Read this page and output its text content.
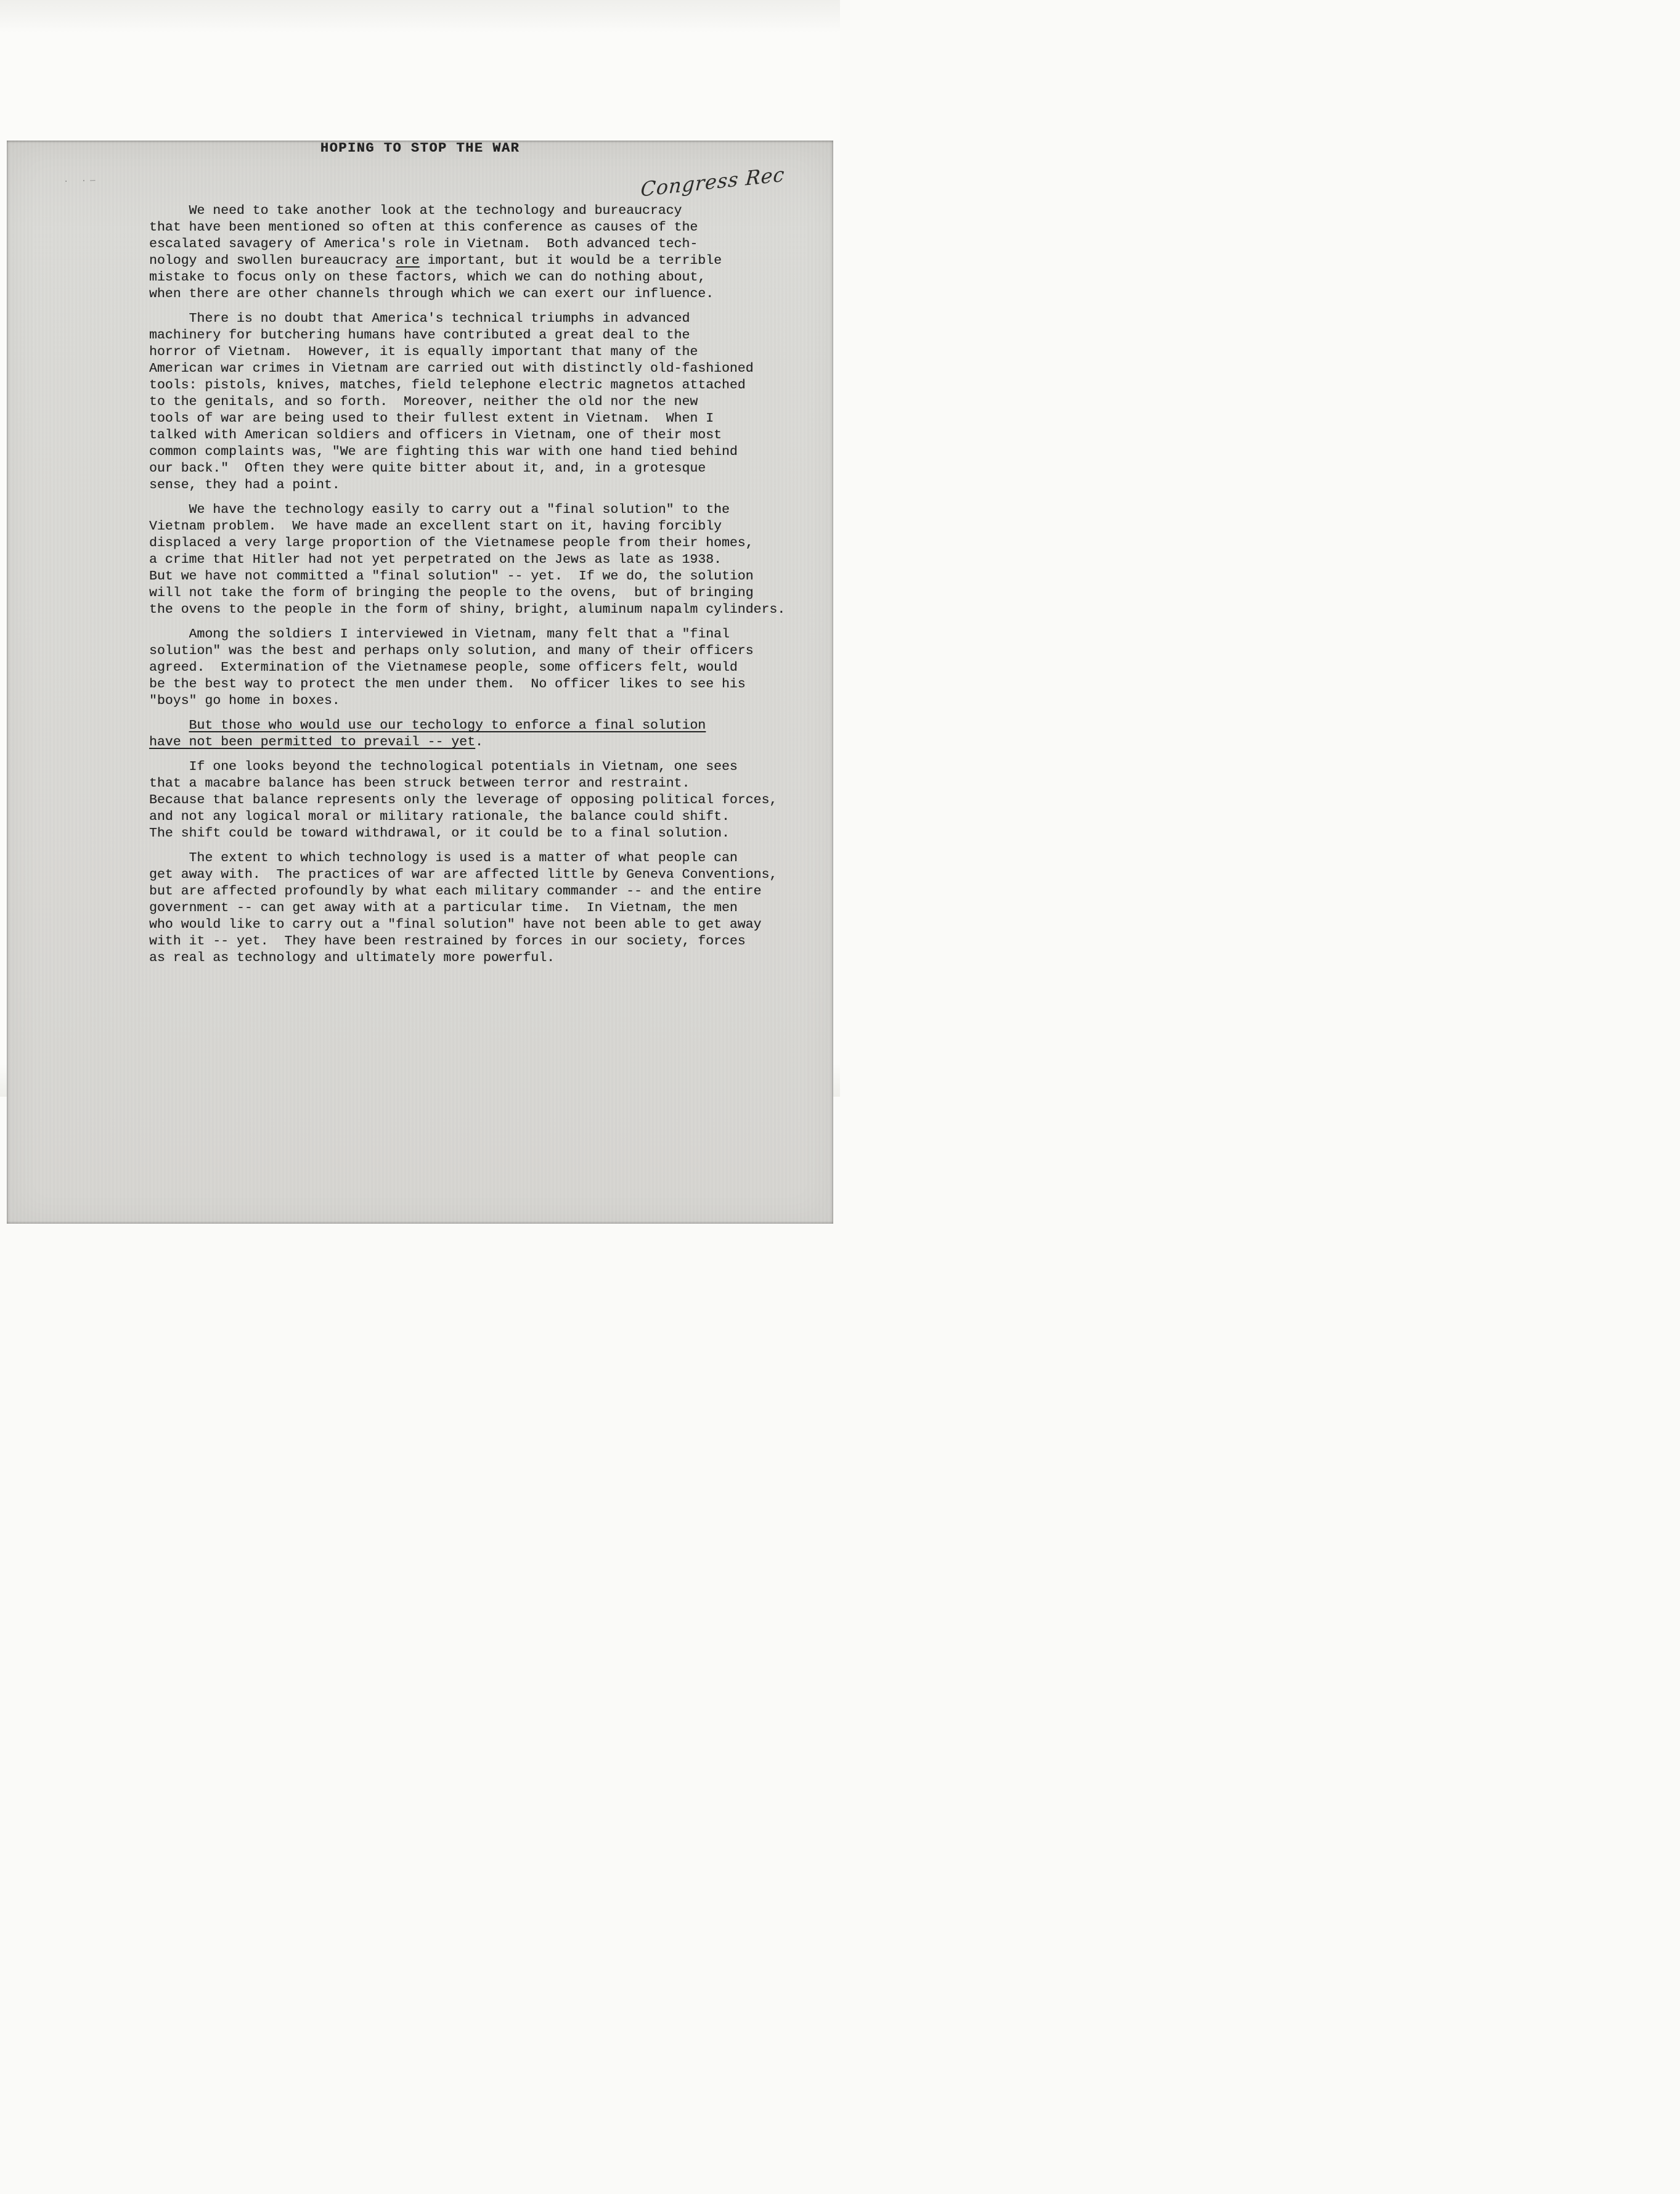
· ·—	Congress Rec
HOPING TO STOP THE WAR
We need to take another look at the technology and bureaucracy
that have been mentioned so often at this conference as causes of the
escalated savagery of America's role in Vietnam.  Both advanced tech-
nology and swollen bureaucracy are important, but it would be a terrible
mistake to focus only on these factors, which we can do nothing about,
when there are other channels through which we can exert our influence.
There is no doubt that America's technical triumphs in advanced
machinery for butchering humans have contributed a great deal to the
horror of Vietnam.  However, it is equally important that many of the
American war crimes in Vietnam are carried out with distinctly old-fashioned
tools: pistols, knives, matches, field telephone electric magnetos attached
to the genitals, and so forth.  Moreover, neither the old nor the new
tools of war are being used to their fullest extent in Vietnam.  When I
talked with American soldiers and officers in Vietnam, one of their most
common complaints was, "We are fighting this war with one hand tied behind
our back."  Often they were quite bitter about it, and, in a grotesque
sense, they had a point.
We have the technology easily to carry out a "final solution" to the
Vietnam problem.  We have made an excellent start on it, having forcibly
displaced a very large proportion of the Vietnamese people from their homes,
a crime that Hitler had not yet perpetrated on the Jews as late as 1938.
But we have not committed a "final solution" -- yet.  If we do, the solution
will not take the form of bringing the people to the ovens,  but of bringing
the ovens to the people in the form of shiny, bright, aluminum napalm cylinders.
Among the soldiers I interviewed in Vietnam, many felt that a "final
solution" was the best and perhaps only solution, and many of their officers
agreed.  Extermination of the Vietnamese people, some officers felt, would
be the best way to protect the men under them.  No officer likes to see his
"boys" go home in boxes.
But those who would use our techology to enforce a final solution
have not been permitted to prevail -- yet.
If one looks beyond the technological potentials in Vietnam, one sees
that a macabre balance has been struck between terror and restraint.
Because that balance represents only the leverage of opposing political forces,
and not any logical moral or military rationale, the balance could shift.
The shift could be toward withdrawal, or it could be to a final solution.
The extent to which technology is used is a matter of what people can
get away with.  The practices of war are affected little by Geneva Conventions,
but are affected profoundly by what each military commander -- and the entire
government -- can get away with at a particular time.  In Vietnam, the men
who would like to carry out a "final solution" have not been able to get away
with it -- yet.  They have been restrained by forces in our society, forces
as real as technology and ultimately more powerful.
